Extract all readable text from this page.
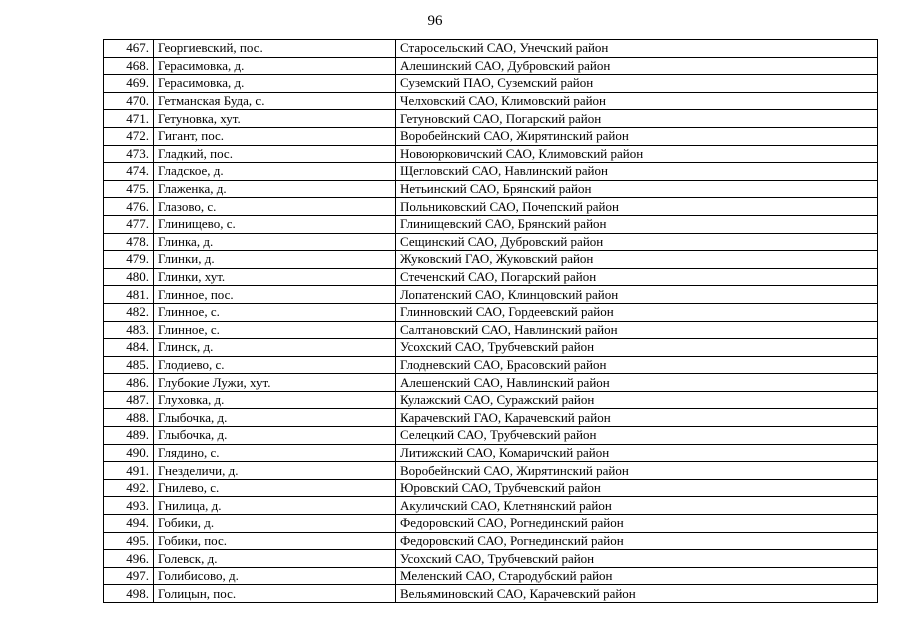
96
467.	Георгиевский, пос.	Старосельский САО, Унечский район
468.	Герасимовка, д.	Алешинский САО, Дубровский район
469.	Герасимовка, д.	Суземский ПАО, Суземский район
470.	Гетманская Буда, с.	Челховский САО, Климовский район
471.	Гетуновка, хут.	Гетуновский САО, Погарский район
472.	Гигант, пос.	Воробейнский САО, Жирятинский район
473.	Гладкий, пос.	Новоюрковичский САО, Климовский район
474.	Гладское, д.	Щегловский САО, Навлинский район
475.	Глаженка, д.	Нетьинский САО, Брянский район
476.	Глазово, с.	Польниковский САО, Почепский район
477.	Глинищево, с.	Глинищевский САО, Брянский район
478.	Глинка, д.	Сещинский САО, Дубровский район
479.	Глинки, д.	Жуковский ГАО, Жуковский район
480.	Глинки, хут.	Стеченский САО, Погарский район
481.	Глинное, пос.	Лопатенский САО, Клинцовский район
482.	Глинное, с.	Глинновский САО, Гордеевский район
483.	Глинное, с.	Салтановский САО, Навлинский район
484.	Глинск, д.	Усохский САО, Трубчевский район
485.	Глодиево, с.	Глодневский САО, Брасовский район
486.	Глубокие Лужи, хут.	Алешенский САО, Навлинский район
487.	Глуховка, д.	Кулажский САО, Суражский район
488.	Глыбочка, д.	Карачевский ГАО, Карачевский район
489.	Глыбочка, д.	Селецкий САО, Трубчевский район
490.	Глядино, с.	Литижский САО, Комаричский район
491.	Гнезделичи, д.	Воробейнский САО, Жирятинский район
492.	Гнилево, с.	Юровский САО, Трубчевский район
493.	Гнилица, д.	Акуличский САО, Клетнянский район
494.	Гобики, д.	Федоровский САО, Рогнединский район
495.	Гобики, пос.	Федоровский САО, Рогнединский район
496.	Голевск, д.	Усохский САО, Трубчевский район
497.	Голибисово, д.	Меленский САО, Стародубский район
498.	Голицын, пос.	Вельяминовский САО, Карачевский район
